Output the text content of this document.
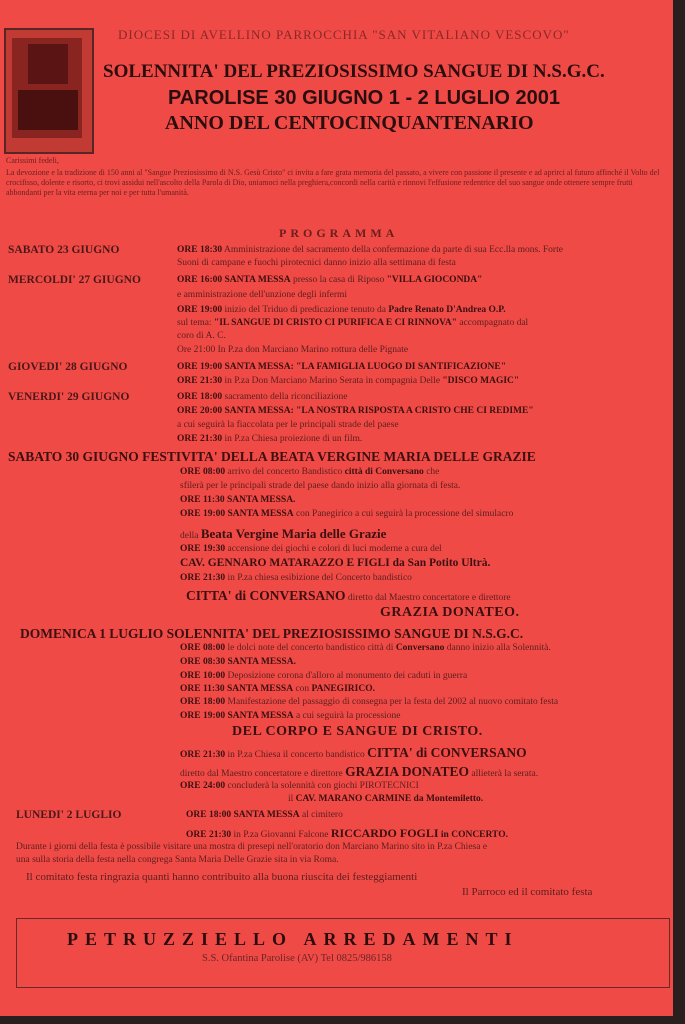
DIOCESI DI AVELLINO PARROCCHIA "SAN VITALIANO VESCOVO"
SOLENNITA' DEL PREZIOSISSIMO SANGUE DI N.S.G.C.
PAROLISE 30 GIUGNO 1 - 2 LUGLIO 2001
ANNO DEL CENTOCINQUANTENARIO
Carissimi fedeli,
La devozione e la tradizione di 150 anni al "Sangue Preziosissimo di N.S. Gesù Cristo" ci invita a fare grata memoria del passato, a vivere con passione il presente e ad aprirci al futuro affinché il Volto del crocifisso, dolente e risorto, ci trovi assidui nell'ascolto della Parola di Dio, uniamoci nella preghiera,concordi nella carità e rinnovi l'effusione redentrice del suo sangue onde ottenere sempre frutti abbondanti per la vita eterna per noi e per tutta l'umanità.
PROGRAMMA
SABATO 23 GIUGNO	ORE 18:30 Amministrazione del sacramento della confermazione da parte di sua Ecc.lla mons. Forte
Suoni di campane e fuochi pirotecnici danno inizio alla settimana di festa
MERCOLDI' 27 GIUGNO	ORE 16:00 SANTA MESSA presso la casa di Riposo "VILLA GIOCONDA"
e amministrazione dell'unzione degli infermi
ORE 19:00 inizio del Triduo di predicazione tenuto da Padre Renato D'Andrea O.P.
sul tema: "IL SANGUE DI CRISTO CI PURIFICA E CI RINNOVA" accompagnato dal
coro di A. C.
Ore 21:00 In P.za don Marciano Marino rottura delle Pignate
GIOVEDI' 28 GIUGNO	ORE 19:00 SANTA MESSA: "LA FAMIGLIA LUOGO DI SANTIFICAZIONE"
ORE 21:30 in P.za Don Marciano Marino Serata in compagnia Delle "DISCO MAGIC"
VENERDI' 29 GIUGNO	ORE 18:00 sacramento della riconciliazione
ORE 20:00 SANTA MESSA: "LA NOSTRA RISPOSTA A CRISTO CHE CI REDIME"
a cui seguirà la fiaccolata per le principali strade del paese
ORE 21:30 in P.za Chiesa proiezione di un film.
SABATO 30 GIUGNO FESTIVITA' DELLA BEATA VERGINE MARIA DELLE GRAZIE
ORE 08:00 arrivo del concerto Bandistico città di Conversano che
sfilerà per le principali strade del paese dando inizio alla giornata di festa.
ORE 11:30 SANTA MESSA.
ORE 19:00 SANTA MESSA con Panegirico a cui seguirà la processione del simulacro
della Beata Vergine Maria delle Grazie
ORE 19:30 accensione dei giochi e colori di luci moderne a cura del
CAV. GENNARO MATARAZZO E FIGLI da San Potito Ultrà.
ORE 21:30 in P.za chiesa esibizione del Concerto bandistico
CITTA' di CONVERSANO diretto dal Maestro concertatore e direttore
GRAZIA DONATEO.
DOMENICA 1 LUGLIO SOLENNITA' DEL PREZIOSISSIMO SANGUE DI N.S.G.C.
ORE 08:00 le dolci note del concerto bandistico città di Conversano danno inizio alla Solennità.
ORE 08:30 SANTA MESSA.
ORE 10:00 Deposizione corona d'alloro al monumento dei caduti in guerra
ORE 11:30 SANTA MESSA con PANEGIRICO.
ORE 18:00 Manifestazione del passaggio di consegna per la festa del 2002 al nuovo comitato festa
ORE 19:00 SANTA MESSA a cui seguirà la processione
DEL CORPO E SANGUE DI CRISTO.
ORE 21:30 in P.za Chiesa il concerto bandistico CITTA' di CONVERSANO
diretto dal Maestro concertatore e direttore GRAZIA DONATEO allieterà la serata.
ORE 24:00 concluderà la solennità con giochi PIROTECNICI
il CAV. MARANO CARMINE da Montemiletto.
LUNEDI' 2 LUGLIO	ORE 18:00 SANTA MESSA al cimitero
ORE 21:30 in P.za Giovanni Falcone RICCARDO FOGLI in CONCERTO.
Durante i giorni della festa è possibile visitare una mostra di presepi nell'oratorio don Marciano Marino sito in P.za Chiesa e
una sulla storia della festa nella congrega Santa Maria Delle Grazie sita in via Roma.
Il comitato festa ringrazia quanti hanno contribuito alla buona riuscita dei festeggiamenti
Il Parroco ed il comitato festa
PETRUZZIELLO ARREDAMENTI
S.S. Ofantina Parolise (AV) Tel 0825/986158
